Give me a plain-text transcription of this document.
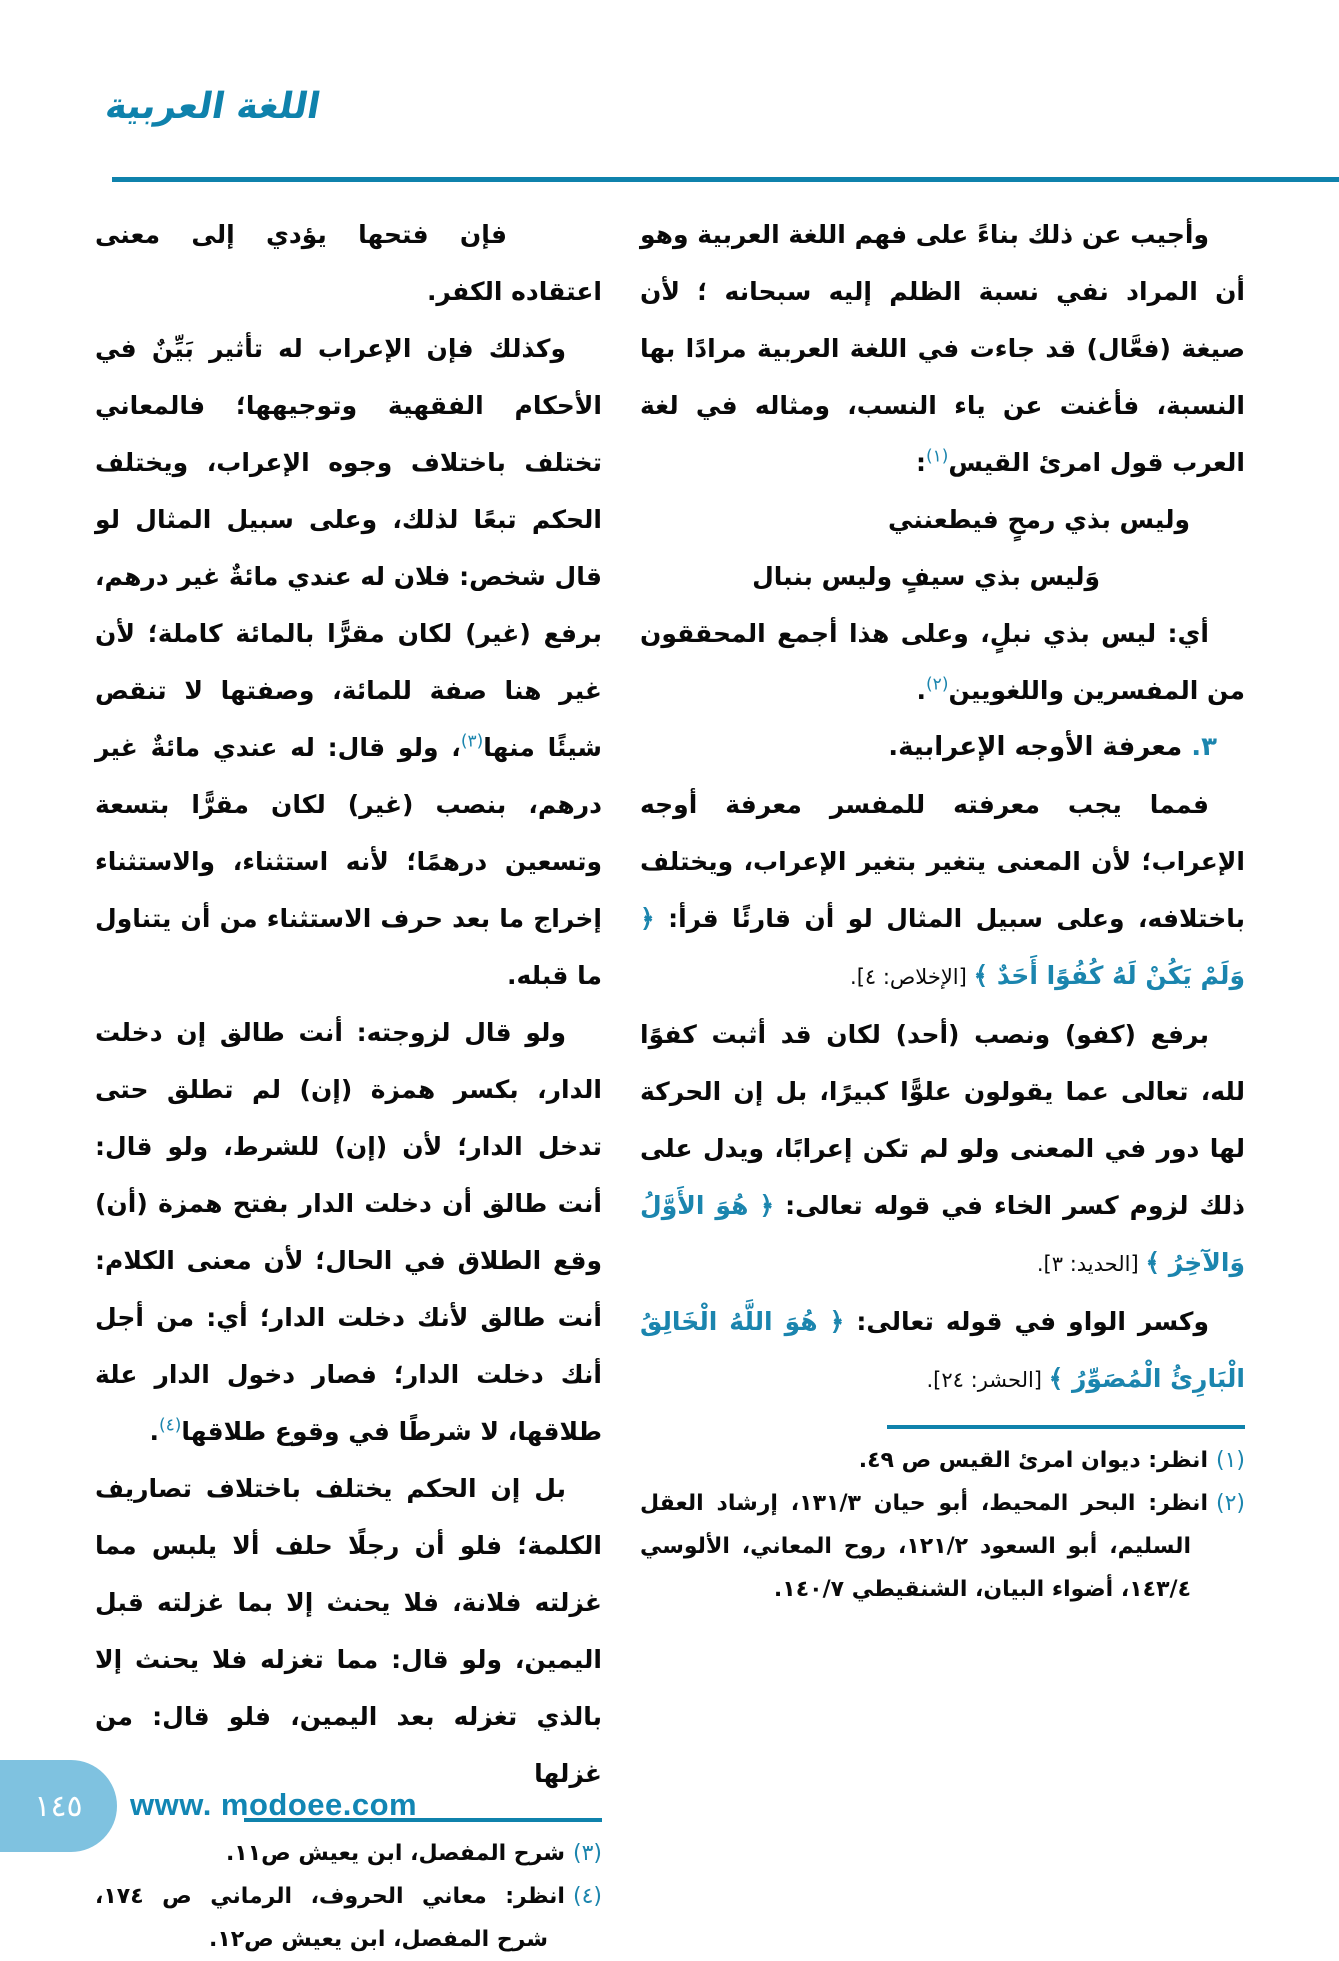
اللغة العربية

وأجيب عن ذلك بناءً على فهم اللغة العربية وهو أن المراد نفي نسبة الظلم إليه سبحانه ؛ لأن صيغة (فعَّال) قد جاءت في اللغة العربية مرادًا بها النسبة، فأغنت عن ياء النسب، ومثاله في لغة العرب قول امرئ القيس$^{(١)}$:

وليس بذي رمحٍ فيطعنني
وَليس بذي سيفٍ وليس بنبال

أي: ليس بذي نبلٍ، وعلى هذا أجمع المحققون من المفسرين واللغويين$^{(٢)}$.

٣. معرفة الأوجه الإعرابية.

فمما يجب معرفته للمفسر معرفة أوجه الإعراب؛ لأن المعنى يتغير بتغير الإعراب، ويختلف باختلافه، وعلى سبيل المثال لو أن قارئًا قرأ: ﴿ وَلَمْ يَكُنْ لَهُ كُفُوًا أَحَدٌ ﴾ [الإخلاص: ٤].

برفع (كفو) ونصب (أحد) لكان قد أثبت كفوًا لله، تعالى عما يقولون علوًّا كبيرًا، بل إن الحركة لها دور في المعنى ولو لم تكن إعرابًا، ويدل على ذلك لزوم كسر الخاء في قوله تعالى: ﴿ هُوَ الأَوَّلُ وَالآخِرُ ﴾ [الحديد: ٣].

وكسر الواو في قوله تعالى: ﴿ هُوَ اللَّهُ الْخَالِقُ الْبَارِئُ الْمُصَوِّرُ ﴾ [الحشر: ٢٤].

(١)انظر: ديوان امرئ القيس ص ٤٩.

(٢)انظر: البحر المحيط، أبو حيان ١٣١/٣، إرشاد العقل السليم، أبو السعود ١٢١/٢، روح المعاني، الألوسي ١٤٣/٤، أضواء البيان، الشنقيطي ١٤٠/٧.

فإن فتحها يؤدي إلى معنى اعتقاده الكفر.

وكذلك فإن الإعراب له تأثير بَيِّنٌ في الأحكام الفقهية وتوجيهها؛ فالمعاني تختلف باختلاف وجوه الإعراب، ويختلف الحكم تبعًا لذلك، وعلى سبيل المثال لو قال شخص: فلان له عندي مائةٌ غير درهم، برفع (غير) لكان مقرًّا بالمائة كاملة؛ لأن غير هنا صفة للمائة، وصفتها لا تنقص شيئًا منها$^{(٣)}$، ولو قال: له عندي مائةٌ غير درهم، بنصب (غير) لكان مقرًّا بتسعة وتسعين درهمًا؛ لأنه استثناء، والاستثناء إخراج ما بعد حرف الاستثناء من أن يتناول ما قبله.

ولو قال لزوجته: أنت طالق إن دخلت الدار، بكسر همزة (إن) لم تطلق حتى تدخل الدار؛ لأن (إن) للشرط، ولو قال: أنت طالق أن دخلت الدار بفتح همزة (أن) وقع الطلاق في الحال؛ لأن معنى الكلام: أنت طالق لأنك دخلت الدار؛ أي: من أجل أنك دخلت الدار؛ فصار دخول الدار علة طلاقها، لا شرطًا في وقوع طلاقها$^{(٤)}$.

بل إن الحكم يختلف باختلاف تصاريف الكلمة؛ فلو أن رجلًا حلف ألا يلبس مما غزلته فلانة، فلا يحنث إلا بما غزلته قبل اليمين، ولو قال: مما تغزله فلا يحنث إلا بالذي تغزله بعد اليمين، فلو قال: من غزلها

(٣)شرح المفصل، ابن يعيش ص١١.

(٤)انظر: معاني الحروف، الرماني ص ١٧٤، شرح المفصل، ابن يعيش ص١٢.

١٤٥ www. modoee.com
